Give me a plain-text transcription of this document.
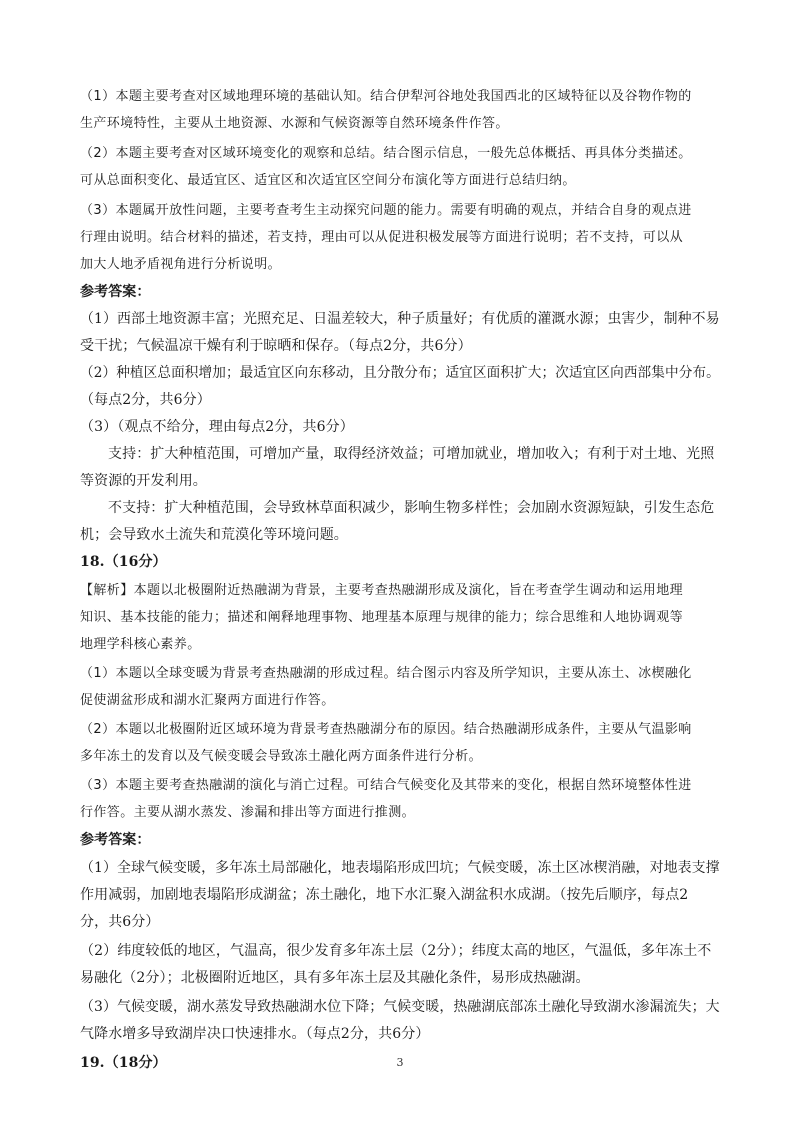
（1）本题主要考查对区域地理环境的基础认知。结合伊犁河谷地处我国西北的区域特征以及谷物作物的
生产环境特性，主要从土地资源、水源和气候资源等自然环境条件作答。
（2）本题主要考查对区域环境变化的观察和总结。结合图示信息，一般先总体概括、再具体分类描述。
可从总面积变化、最适宜区、适宜区和次适宜区空间分布演化等方面进行总结归纳。
（3）本题属开放性问题，主要考查考生主动探究问题的能力。需要有明确的观点，并结合自身的观点进
行理由说明。结合材料的描述，若支持，理由可以从促进积极发展等方面进行说明；若不支持，可以从
加大人地矛盾视角进行分析说明。
参考答案：
（1）西部土地资源丰富；光照充足、日温差较大，种子质量好；有优质的灌溉水源；虫害少，制种不易
受干扰；气候温凉干燥有利于晾晒和保存。（每点2分，共6分）
（2）种植区总面积增加；最适宜区向东移动，且分散分布；适宜区面积扩大；次适宜区向西部集中分布。
（每点2分，共6分）
（3）（观点不给分，理由每点2分，共6分）
支持：扩大种植范围，可增加产量，取得经济效益；可增加就业，增加收入；有利于对土地、光照
等资源的开发利用。
不支持：扩大种植范围，会导致林草面积减少，影响生物多样性；会加剧水资源短缺，引发生态危
机；会导致水土流失和荒漠化等环境问题。
18.（16分）
【解析】本题以北极圈附近热融湖为背景，主要考查热融湖形成及演化，旨在考查学生调动和运用地理
知识、基本技能的能力；描述和阐释地理事物、地理基本原理与规律的能力；综合思维和人地协调观等
地理学科核心素养。
（1）本题以全球变暖为背景考查热融湖的形成过程。结合图示内容及所学知识，主要从冻土、冰楔融化
促使湖盆形成和湖水汇聚两方面进行作答。
（2）本题以北极圈附近区域环境为背景考查热融湖分布的原因。结合热融湖形成条件，主要从气温影响
多年冻土的发育以及气候变暖会导致冻土融化两方面条件进行分析。
（3）本题主要考查热融湖的演化与消亡过程。可结合气候变化及其带来的变化，根据自然环境整体性进
行作答。主要从湖水蒸发、渗漏和排出等方面进行推测。
参考答案：
（1）全球气候变暖，多年冻土局部融化，地表塌陷形成凹坑；气候变暖，冻土区冰楔消融，对地表支撑
作用减弱，加剧地表塌陷形成湖盆；冻土融化，地下水汇聚入湖盆积水成湖。（按先后顺序，每点2
分，共6分）
（2）纬度较低的地区，气温高，很少发育多年冻土层（2分）；纬度太高的地区，气温低，多年冻土不
易融化（2分）；北极圈附近地区，具有多年冻土层及其融化条件，易形成热融湖。
（3）气候变暖，湖水蒸发导致热融湖水位下降；气候变暖，热融湖底部冻土融化导致湖水渗漏流失；大
气降水增多导致湖岸决口快速排水。（每点2分，共6分）
19.（18分）	3
